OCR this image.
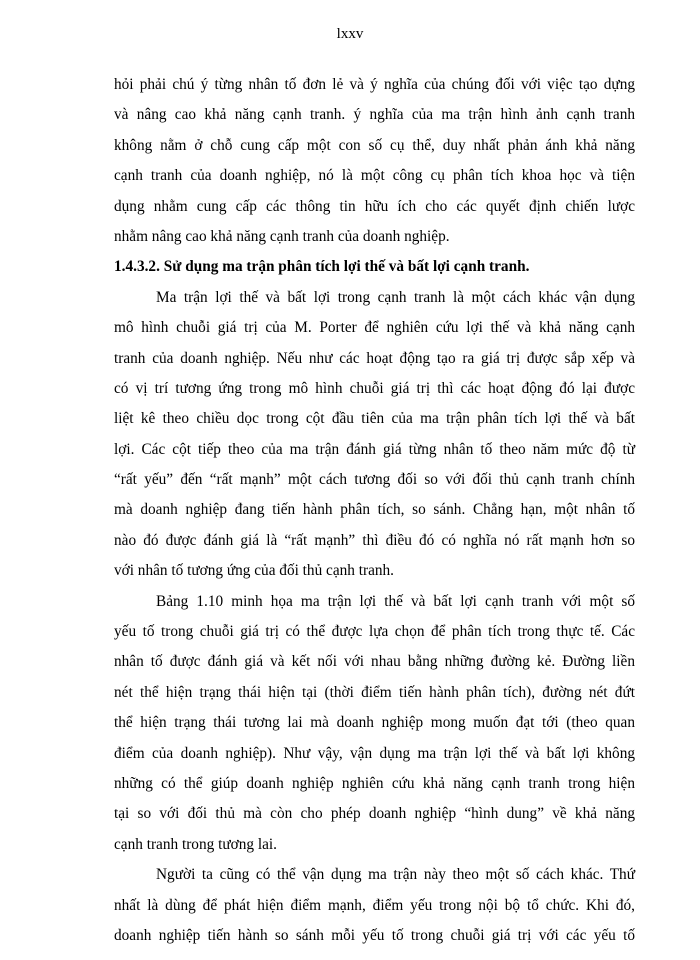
lxxv
hỏi phải chú ý từng nhân tố đơn lẻ và ý nghĩa của chúng đối với việc tạo dựng
và nâng cao khả năng cạnh tranh. ý nghĩa của ma trận hình ảnh cạnh tranh
không nằm ở chỗ cung cấp một con số cụ thể, duy nhất phản ánh khả năng
cạnh tranh của doanh nghiệp, nó là một công cụ phân tích khoa học và tiện
dụng nhằm cung cấp các thông tin hữu ích cho các quyết định chiến lược
nhằm nâng cao khả năng cạnh tranh của doanh nghiệp.
1.4.3.2. Sử dụng ma trận phân tích lợi thế và bất lợi cạnh tranh.
Ma trận lợi thế và bất lợi trong cạnh tranh là một cách khác vận dụng
mô hình chuỗi giá trị của M. Porter để nghiên cứu lợi thế và khả năng cạnh
tranh của doanh nghiệp. Nếu như các hoạt động tạo ra giá trị được sắp xếp và
có vị trí tương ứng trong mô hình chuỗi giá trị thì các hoạt động đó lại được
liệt kê theo chiều dọc trong cột đầu tiên của ma trận phân tích lợi thế và bất
lợi. Các cột tiếp theo của ma trận đánh giá từng nhân tố theo năm mức độ từ
“rất yếu” đến “rất mạnh” một cách tương đối so với đối thủ cạnh tranh chính
mà doanh nghiệp đang tiến hành phân tích, so sánh. Chẳng hạn, một nhân tố
nào đó được đánh giá là “rất mạnh” thì điều đó có nghĩa nó rất mạnh hơn so
với nhân tố tương ứng của đối thủ cạnh tranh.
Bảng 1.10 minh họa ma trận lợi thế và bất lợi cạnh tranh với một số
yếu tố trong chuỗi giá trị có thể được lựa chọn để phân tích trong thực tế. Các
nhân tố được đánh giá và kết nối với nhau bằng những đường kẻ. Đường liền
nét thể hiện trạng thái hiện tại (thời điểm tiến hành phân tích), đường nét đứt
thể hiện trạng thái tương lai mà doanh nghiệp mong muốn đạt tới (theo quan
điểm của doanh nghiệp). Như vậy, vận dụng ma trận lợi thế và bất lợi không
những có thể giúp doanh nghiệp nghiên cứu khả năng cạnh tranh trong hiện
tại so với đối thủ mà còn cho phép doanh nghiệp “hình dung” về khả năng
cạnh tranh trong tương lai.
Người ta cũng có thể vận dụng ma trận này theo một số cách khác. Thứ
nhất là dùng để phát hiện điểm mạnh, điểm yếu trong nội bộ tổ chức. Khi đó,
doanh nghiệp tiến hành so sánh mỗi yếu tố trong chuỗi giá trị với các yếu tố
